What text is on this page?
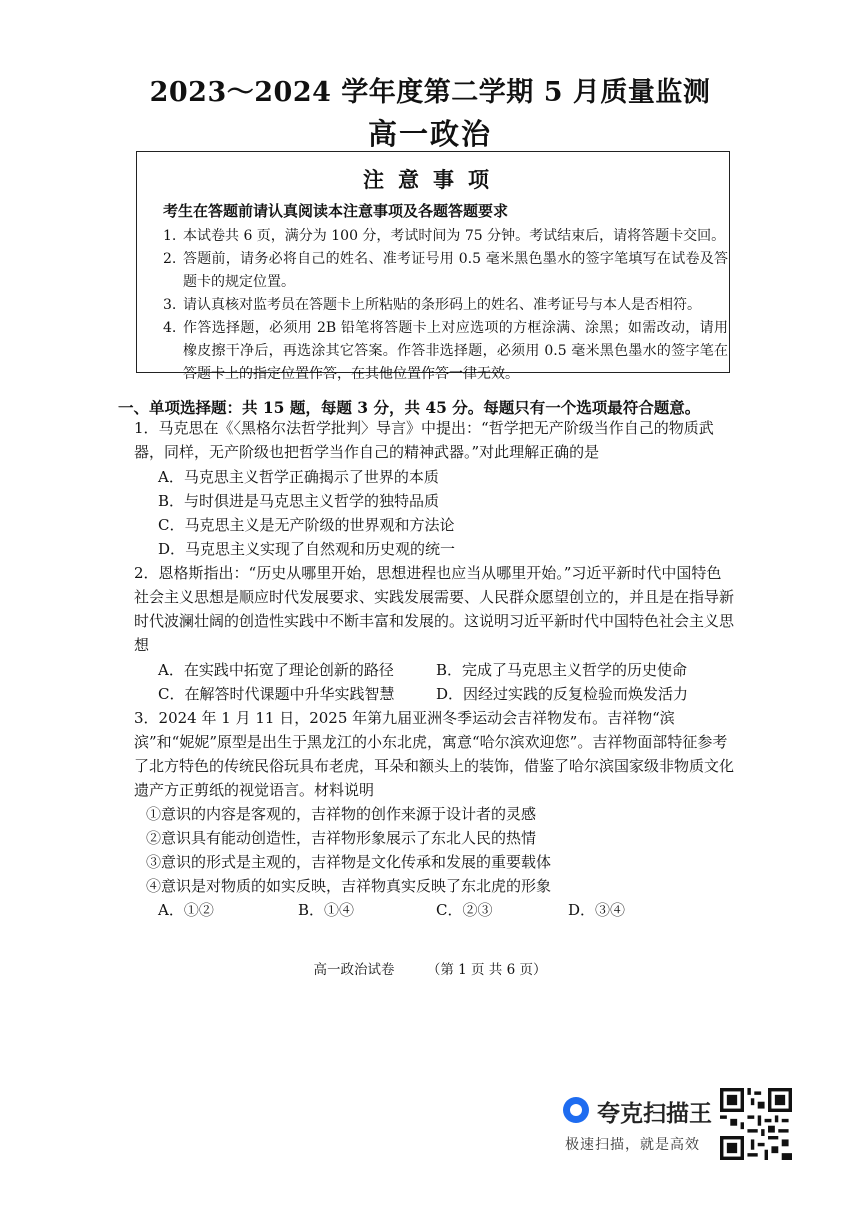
2023～2024 学年度第二学期 5 月质量监测
高一政治
注意事项
考生在答题前请认真阅读本注意事项及各题答题要求
1. 本试卷共 6 页，满分为 100 分，考试时间为 75 分钟。考试结束后，请将答题卡交回。
2. 答题前，请务必将自己的姓名、准考证号用 0.5 毫米黑色墨水的签字笔填写在试卷及答题卡的规定位置。
3. 请认真核对监考员在答题卡上所粘贴的条形码上的姓名、准考证号与本人是否相符。
4. 作答选择题，必须用 2B 铅笔将答题卡上对应选项的方框涂满、涂黑；如需改动，请用橡皮擦干净后，再选涂其它答案。作答非选择题，必须用 0.5 毫米黑色墨水的签字笔在答题卡上的指定位置作答，在其他位置作答一律无效。
一、单项选择题：共 15 题，每题 3 分，共 45 分。每题只有一个选项最符合题意。
1．马克思在《〈黑格尔法哲学批判〉导言》中提出：“哲学把无产阶级当作自己的物质武器，同样，无产阶级也把哲学当作自己的精神武器。”对此理解正确的是
A．马克思主义哲学正确揭示了世界的本质
B．与时俱进是马克思主义哲学的独特品质
C．马克思主义是无产阶级的世界观和方法论
D．马克思主义实现了自然观和历史观的统一
2．恩格斯指出：“历史从哪里开始，思想进程也应当从哪里开始。”习近平新时代中国特色社会主义思想是顺应时代发展要求、实践发展需要、人民群众愿望创立的，并且是在指导新时代波澜壮阔的创造性实践中不断丰富和发展的。这说明习近平新时代中国特色社会主义思想
A．在实践中拓宽了理论创新的路径	B．完成了马克思主义哲学的历史使命
C．在解答时代课题中升华实践智慧	D．因经过实践的反复检验而焕发活力
3．2024 年 1 月 11 日，2025 年第九届亚洲冬季运动会吉祥物发布。吉祥物“滨滨”和“妮妮”原型是出生于黑龙江的小东北虎，寓意“哈尔滨欢迎您”。吉祥物面部特征参考了北方特色的传统民俗玩具布老虎，耳朵和额头上的装饰，借鉴了哈尔滨国家级非物质文化遗产方正剪纸的视觉语言。材料说明
①意识的内容是客观的，吉祥物的创作来源于设计者的灵感
②意识具有能动创造性，吉祥物形象展示了东北人民的热情
③意识的形式是主观的，吉祥物是文化传承和发展的重要载体
④意识是对物质的如实反映，吉祥物真实反映了东北虎的形象
A．①②	B．①④	C．②③	D．③④
高一政治试卷 （第 1 页 共 6 页）
夸克扫描王
极速扫描，就是高效
